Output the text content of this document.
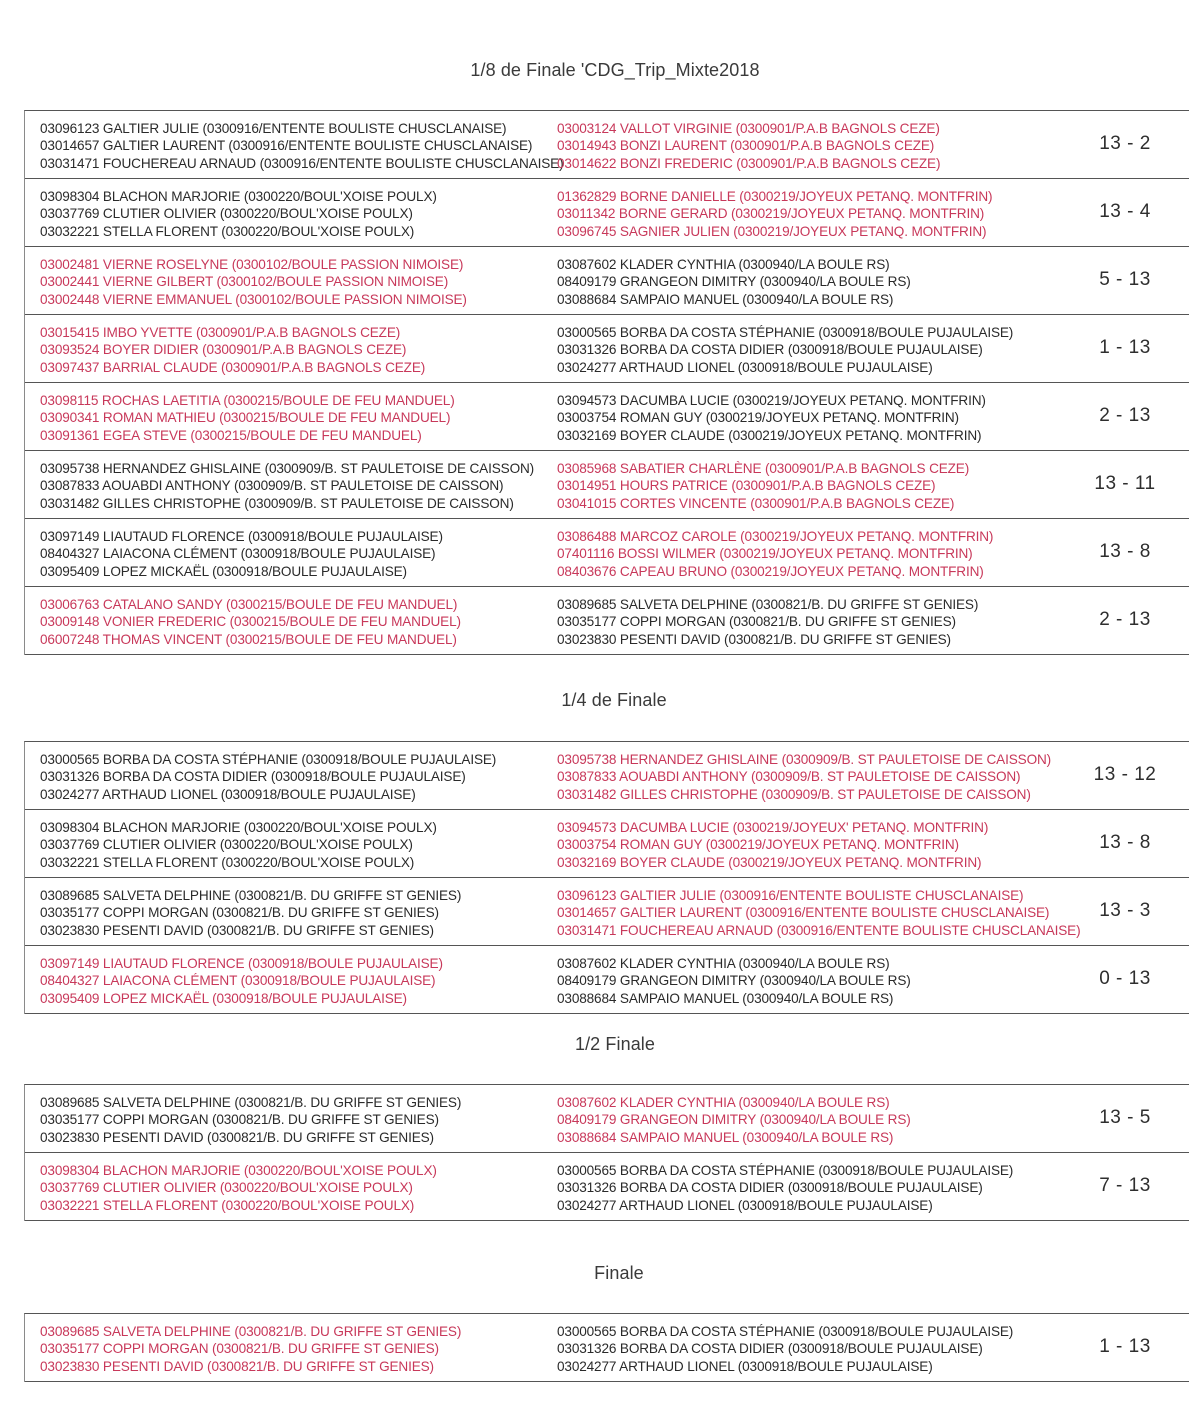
1/8 de Finale 'CDG_Trip_Mixte2018
1/4 de Finale
1/2 Finale
Finale
03096123 GALTIER JULIE (0300916/ENTENTE BOULISTE CHUSCLANAISE)
03014657 GALTIER LAURENT (0300916/ENTENTE BOULISTE CHUSCLANAISE)
03031471 FOUCHEREAU ARNAUD (0300916/ENTENTE BOULISTE CHUSCLANAISE)
03003124 VALLOT VIRGINIE (0300901/P.A.B BAGNOLS CEZE)
03014943 BONZI LAURENT (0300901/P.A.B BAGNOLS CEZE)
03014622 BONZI FREDERIC (0300901/P.A.B BAGNOLS CEZE)
13 - 2
03098304 BLACHON MARJORIE (0300220/BOUL'XOISE POULX)
03037769 CLUTIER OLIVIER (0300220/BOUL'XOISE POULX)
03032221 STELLA FLORENT (0300220/BOUL'XOISE POULX)
01362829 BORNE DANIELLE (0300219/JOYEUX PETANQ. MONTFRIN)
03011342 BORNE GERARD (0300219/JOYEUX PETANQ. MONTFRIN)
03096745 SAGNIER JULIEN (0300219/JOYEUX PETANQ. MONTFRIN)
13 - 4
03002481 VIERNE ROSELYNE (0300102/BOULE PASSION NIMOISE)
03002441 VIERNE GILBERT (0300102/BOULE PASSION NIMOISE)
03002448 VIERNE EMMANUEL (0300102/BOULE PASSION NIMOISE)
03087602 KLADER CYNTHIA (0300940/LA BOULE RS)
08409179 GRANGEON DIMITRY (0300940/LA BOULE RS)
03088684 SAMPAIO MANUEL (0300940/LA BOULE RS)
5 - 13
03015415 IMBO YVETTE (0300901/P.A.B BAGNOLS CEZE)
03093524 BOYER DIDIER (0300901/P.A.B BAGNOLS CEZE)
03097437 BARRIAL CLAUDE (0300901/P.A.B BAGNOLS CEZE)
03000565 BORBA DA COSTA STÉPHANIE (0300918/BOULE PUJAULAISE)
03031326 BORBA DA COSTA DIDIER (0300918/BOULE PUJAULAISE)
03024277 ARTHAUD LIONEL (0300918/BOULE PUJAULAISE)
1 - 13
03098115 ROCHAS LAETITIA (0300215/BOULE DE FEU MANDUEL)
03090341 ROMAN MATHIEU (0300215/BOULE DE FEU MANDUEL)
03091361 EGEA STEVE (0300215/BOULE DE FEU MANDUEL)
03094573 DACUMBA LUCIE (0300219/JOYEUX PETANQ. MONTFRIN)
03003754 ROMAN GUY (0300219/JOYEUX PETANQ. MONTFRIN)
03032169 BOYER CLAUDE (0300219/JOYEUX PETANQ. MONTFRIN)
2 - 13
03095738 HERNANDEZ GHISLAINE (0300909/B. ST PAULETOISE DE CAISSON)
03087833 AOUABDI ANTHONY (0300909/B. ST PAULETOISE DE CAISSON)
03031482 GILLES CHRISTOPHE (0300909/B. ST PAULETOISE DE CAISSON)
03085968 SABATIER CHARLÈNE (0300901/P.A.B BAGNOLS CEZE)
03014951 HOURS PATRICE (0300901/P.A.B BAGNOLS CEZE)
03041015 CORTES VINCENTE (0300901/P.A.B BAGNOLS CEZE)
13 - 11
03097149 LIAUTAUD FLORENCE (0300918/BOULE PUJAULAISE)
08404327 LAIACONA CLÉMENT (0300918/BOULE PUJAULAISE)
03095409 LOPEZ MICKAËL (0300918/BOULE PUJAULAISE)
03086488 MARCOZ CAROLE (0300219/JOYEUX PETANQ. MONTFRIN)
07401116 BOSSI WILMER (0300219/JOYEUX PETANQ. MONTFRIN)
08403676 CAPEAU BRUNO (0300219/JOYEUX PETANQ. MONTFRIN)
13 - 8
03006763 CATALANO SANDY (0300215/BOULE DE FEU MANDUEL)
03009148 VONIER FREDERIC (0300215/BOULE DE FEU MANDUEL)
06007248 THOMAS VINCENT (0300215/BOULE DE FEU MANDUEL)
03089685 SALVETA DELPHINE (0300821/B. DU GRIFFE ST GENIES)
03035177 COPPI MORGAN (0300821/B. DU GRIFFE ST GENIES)
03023830 PESENTI DAVID (0300821/B. DU GRIFFE ST GENIES)
2 - 13
03000565 BORBA DA COSTA STÉPHANIE (0300918/BOULE PUJAULAISE)
03031326 BORBA DA COSTA DIDIER (0300918/BOULE PUJAULAISE)
03024277 ARTHAUD LIONEL (0300918/BOULE PUJAULAISE)
03095738 HERNANDEZ GHISLAINE (0300909/B. ST PAULETOISE DE CAISSON)
03087833 AOUABDI ANTHONY (0300909/B. ST PAULETOISE DE CAISSON)
03031482 GILLES CHRISTOPHE (0300909/B. ST PAULETOISE DE CAISSON)
13 - 12
03098304 BLACHON MARJORIE (0300220/BOUL'XOISE POULX)
03037769 CLUTIER OLIVIER (0300220/BOUL'XOISE POULX)
03032221 STELLA FLORENT (0300220/BOUL'XOISE POULX)
03094573 DACUMBA LUCIE (0300219/JOYEUX' PETANQ. MONTFRIN)
03003754 ROMAN GUY (0300219/JOYEUX PETANQ. MONTFRIN)
03032169 BOYER CLAUDE (0300219/JOYEUX PETANQ. MONTFRIN)
13 - 8
03089685 SALVETA DELPHINE (0300821/B. DU GRIFFE ST GENIES)
03035177 COPPI MORGAN (0300821/B. DU GRIFFE ST GENIES)
03023830 PESENTI DAVID (0300821/B. DU GRIFFE ST GENIES)
03096123 GALTIER JULIE (0300916/ENTENTE BOULISTE CHUSCLANAISE)
03014657 GALTIER LAURENT (0300916/ENTENTE BOULISTE CHUSCLANAISE)
03031471 FOUCHEREAU ARNAUD (0300916/ENTENTE BOULISTE CHUSCLANAISE)
13 - 3
03097149 LIAUTAUD FLORENCE (0300918/BOULE PUJAULAISE)
08404327 LAIACONA CLÉMENT (0300918/BOULE PUJAULAISE)
03095409 LOPEZ MICKAËL (0300918/BOULE PUJAULAISE)
03087602 KLADER CYNTHIA (0300940/LA BOULE RS)
08409179 GRANGEON DIMITRY (0300940/LA BOULE RS)
03088684 SAMPAIO MANUEL (0300940/LA BOULE RS)
0 - 13
03089685 SALVETA DELPHINE (0300821/B. DU GRIFFE ST GENIES)
03035177 COPPI MORGAN (0300821/B. DU GRIFFE ST GENIES)
03023830 PESENTI DAVID (0300821/B. DU GRIFFE ST GENIES)
03087602 KLADER CYNTHIA (0300940/LA BOULE RS)
08409179 GRANGEON DIMITRY (0300940/LA BOULE RS)
03088684 SAMPAIO MANUEL (0300940/LA BOULE RS)
13 - 5
03098304 BLACHON MARJORIE (0300220/BOUL'XOISE POULX)
03037769 CLUTIER OLIVIER (0300220/BOUL'XOISE POULX)
03032221 STELLA FLORENT (0300220/BOUL'XOISE POULX)
03000565 BORBA DA COSTA STÉPHANIE (0300918/BOULE PUJAULAISE)
03031326 BORBA DA COSTA DIDIER (0300918/BOULE PUJAULAISE)
03024277 ARTHAUD LIONEL (0300918/BOULE PUJAULAISE)
7 - 13
03089685 SALVETA DELPHINE (0300821/B. DU GRIFFE ST GENIES)
03035177 COPPI MORGAN (0300821/B. DU GRIFFE ST GENIES)
03023830 PESENTI DAVID (0300821/B. DU GRIFFE ST GENIES)
03000565 BORBA DA COSTA STÉPHANIE (0300918/BOULE PUJAULAISE)
03031326 BORBA DA COSTA DIDIER (0300918/BOULE PUJAULAISE)
03024277 ARTHAUD LIONEL (0300918/BOULE PUJAULAISE)
1 - 13
